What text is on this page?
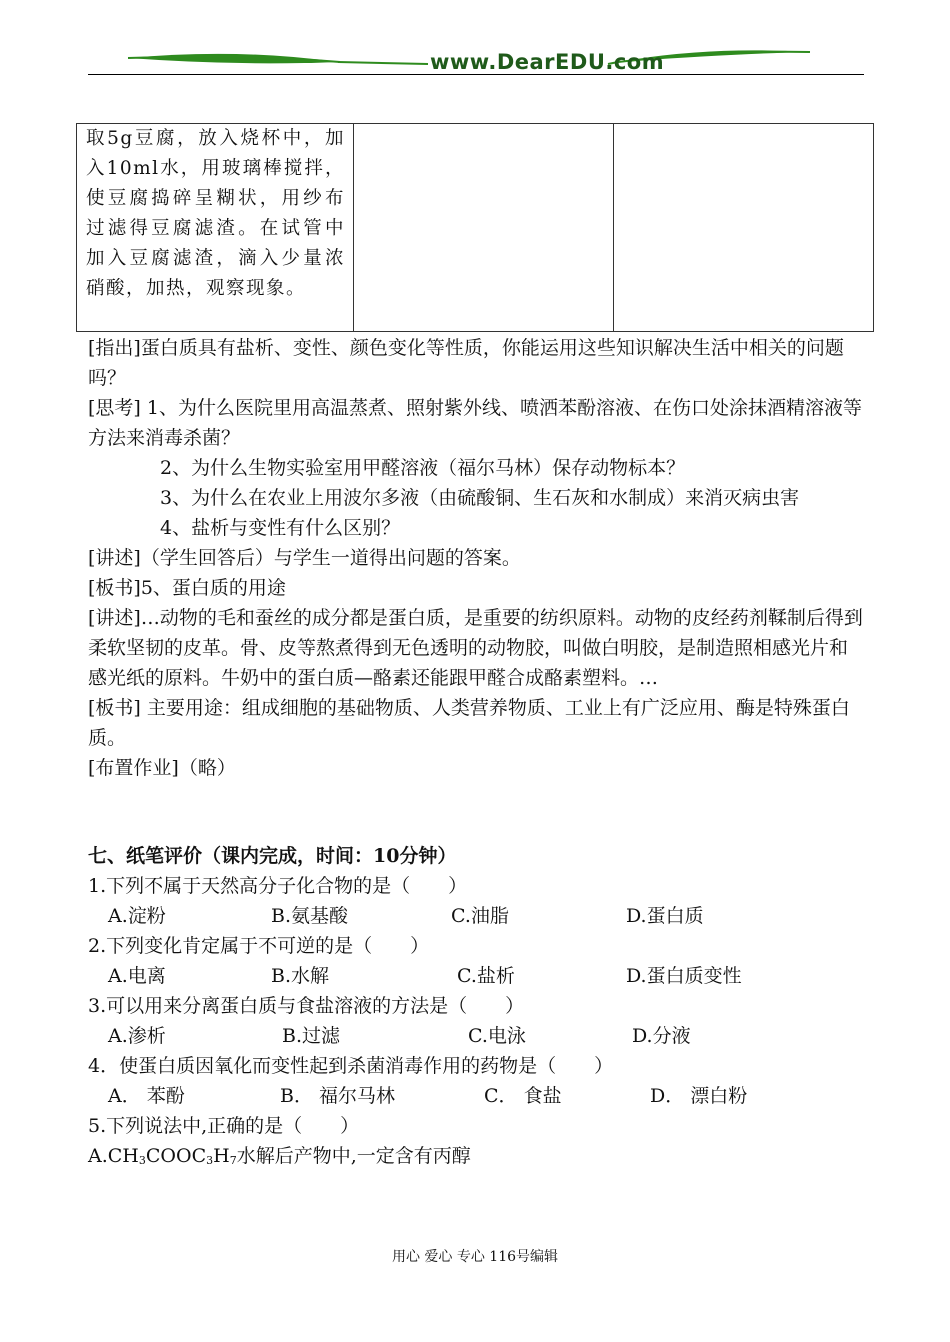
www.DearEDU.com
取5g豆腐，放入烧杯中，加入10ml水，用玻璃棒搅拌，使豆腐捣碎呈糊状，用纱布过滤得豆腐滤渣。在试管中加入豆腐滤渣，滴入少量浓硝酸，加热，观察现象。		

[指出]蛋白质具有盐析、变性、颜色变化等性质，你能运用这些知识解决生活中相关的问题吗？

[思考] 1、为什么医院里用高温蒸煮、照射紫外线、喷洒苯酚溶液、在伤口处涂抹酒精溶液等方法来消毒杀菌？

2、为什么生物实验室用甲醛溶液（福尔马林）保存动物标本？

3、为什么在农业上用波尔多液（由硫酸铜、生石灰和水制成）来消灭病虫害

4、盐析与变性有什么区别？

[讲述]（学生回答后）与学生一道得出问题的答案。

[板书]5、蛋白质的用途

[讲述]…动物的毛和蚕丝的成分都是蛋白质，是重要的纺织原料。动物的皮经药剂鞣制后得到柔软坚韧的皮革。骨、皮等熬煮得到无色透明的动物胶，叫做白明胶，是制造照相感光片和感光纸的原料。牛奶中的蛋白质—酪素还能跟甲醛合成酪素塑料。…

[板书] 主要用途：组成细胞的基础物质、人类营养物质、工业上有广泛应用、酶是特殊蛋白质。

[布置作业]（略）

七、纸笔评价（课内完成，时间：10分钟）

1.下列不属于天然高分子化合物的是（　　）

A.淀粉	B.氨基酸	C.油脂	D.蛋白质

2.下列变化肯定属于不可逆的是（　　）

A.电离	B.水解	C.盐析	D.蛋白质变性

3.可以用来分离蛋白质与食盐溶液的方法是（　　）

A.渗析	B.过滤	C.电泳	D.分液

4．使蛋白质因氧化而变性起到杀菌消毒作用的药物是（　　）

A． 苯酚	B． 福尔马林	C． 食盐	D． 漂白粉

5.下列说法中,正确的是（　　）

$A.CH_3COOC_3H_7$水解后产物中,一定含有丙醇

用心 爱心 专心 116号编辑
